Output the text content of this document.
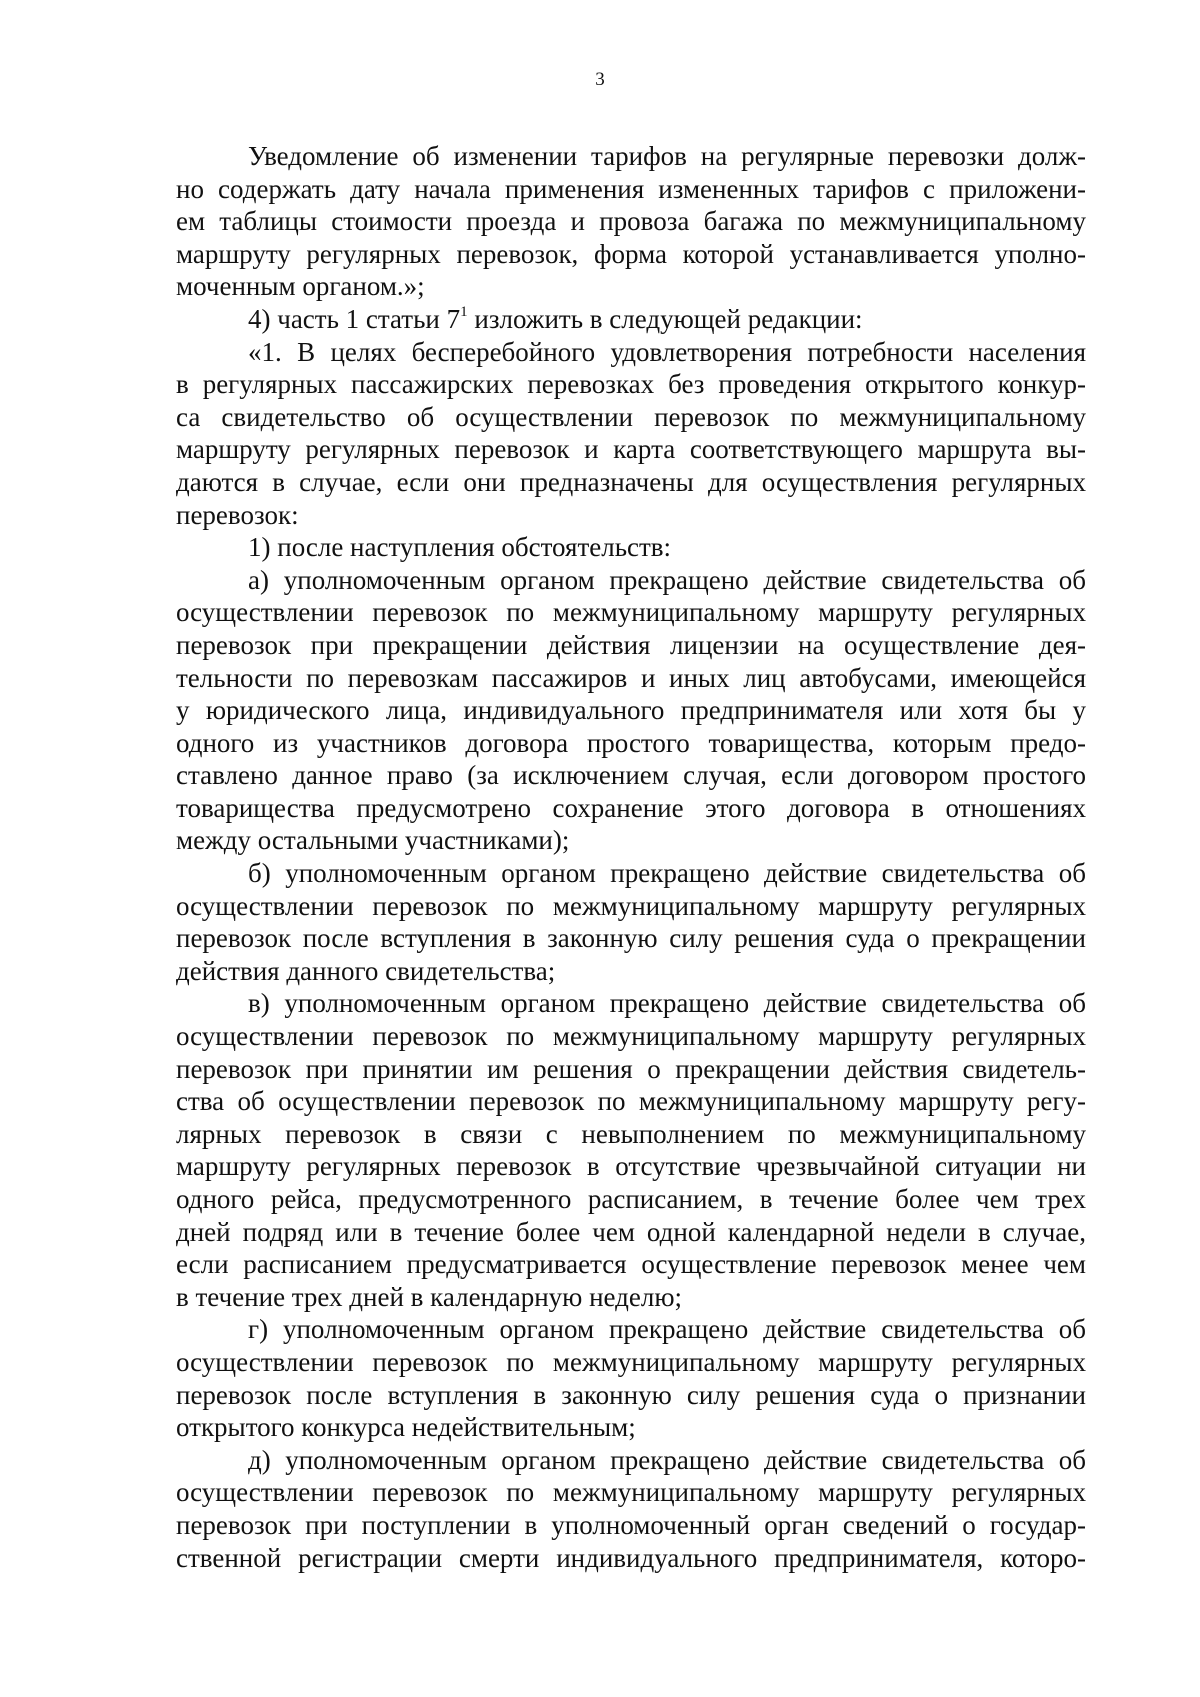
3
Уведомление об изменении тарифов на регулярные перевозки долж-
но содержать дату начала применения измененных тарифов с приложени-
ем таблицы стоимости проезда и провоза багажа по межмуниципальному
маршруту регулярных перевозок, форма которой устанавливается уполно-
моченным органом.»;
4) часть 1 статьи $7^1$ изложить в следующей редакции:
«1. В целях бесперебойного удовлетворения потребности населения
в регулярных пассажирских перевозках без проведения открытого конкур-
са свидетельство об осуществлении перевозок по межмуниципальному
маршруту регулярных перевозок и карта соответствующего маршрута вы-
даются в случае, если они предназначены для осуществления регулярных
перевозок:
1) после наступления обстоятельств:
а) уполномоченным органом прекращено действие свидетельства об
осуществлении перевозок по межмуниципальному маршруту регулярных
перевозок при прекращении действия лицензии на осуществление дея-
тельности по перевозкам пассажиров и иных лиц автобусами, имеющейся
у юридического лица, индивидуального предпринимателя или хотя бы у
одного из участников договора простого товарищества, которым предо-
ставлено данное право (за исключением случая, если договором простого
товарищества предусмотрено сохранение этого договора в отношениях
между остальными участниками);
б) уполномоченным органом прекращено действие свидетельства об
осуществлении перевозок по межмуниципальному маршруту регулярных
перевозок после вступления в законную силу решения суда о прекращении
действия данного свидетельства;
в) уполномоченным органом прекращено действие свидетельства об
осуществлении перевозок по межмуниципальному маршруту регулярных
перевозок при принятии им решения о прекращении действия свидетель-
ства об осуществлении перевозок по межмуниципальному маршруту регу-
лярных перевозок в связи с невыполнением по межмуниципальному
маршруту регулярных перевозок в отсутствие чрезвычайной ситуации ни
одного рейса, предусмотренного расписанием, в течение более чем трех
дней подряд или в течение более чем одной календарной недели в случае,
если расписанием предусматривается осуществление перевозок менее чем
в течение трех дней в календарную неделю;
г) уполномоченным органом прекращено действие свидетельства об
осуществлении перевозок по межмуниципальному маршруту регулярных
перевозок после вступления в законную силу решения суда о признании
открытого конкурса недействительным;
д) уполномоченным органом прекращено действие свидетельства об
осуществлении перевозок по межмуниципальному маршруту регулярных
перевозок при поступлении в уполномоченный орган сведений о государ-
ственной регистрации смерти индивидуального предпринимателя, которо-
